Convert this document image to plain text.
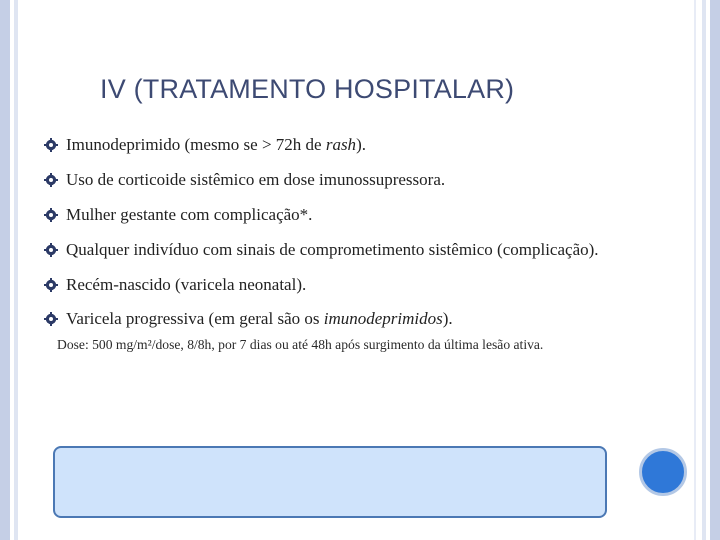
IV (TRATAMENTO HOSPITALAR)
Imunodeprimido (mesmo se > 72h de rash).
Uso de corticoide sistêmico em dose imunossupressora.
Mulher gestante com complicação*.
Qualquer indivíduo com sinais de comprometimento sistêmico (complicação).
Recém-nascido (varicela neonatal).
Varicela progressiva (em geral são os imunodeprimidos).
Dose: 500 mg/m²/dose, 8/8h, por 7 dias ou até 48h após surgimento da última lesão ativa.
